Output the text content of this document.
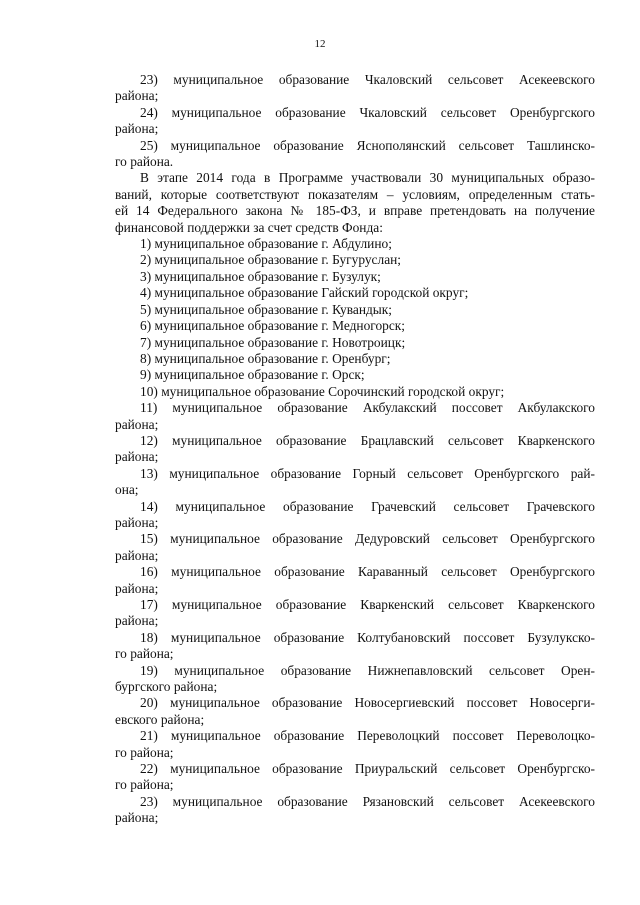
12

23) муниципальное образование Чкаловский сельсовет Асекеевского

района;

24) муниципальное образование Чкаловский сельсовет Оренбургского

района;

25) муниципальное образование Яснополянский сельсовет Ташлинско-

го района.

В этапе 2014 года в Программе участвовали 30 муниципальных образо-
ваний, которые соответствуют показателям – условиям, определенным стать-
ей 14 Федерального закона № 185-ФЗ, и вправе претендовать на получение
финансовой поддержки за счет средств Фонда:

1) муниципальное образование г. Абдулино;

2) муниципальное образование г. Бугуруслан;

3) муниципальное образование г. Бузулук;

4) муниципальное образование Гайский городской округ;

5) муниципальное образование г. Кувандык;

6) муниципальное образование г. Медногорск;

7) муниципальное образование г. Новотроицк;

8) муниципальное образование г. Оренбург;

9) муниципальное образование г. Орск;

10) муниципальное образование Сорочинский городской округ;

11) муниципальное образование Акбулакский поссовет Акбулакского

района;

12) муниципальное образование Брацлавский сельсовет Кваркенского

района;

13) муниципальное образование Горный сельсовет Оренбургского рай-

она;

14) муниципальное образование Грачевский сельсовет Грачевского

района;

15) муниципальное образование Дедуровский сельсовет Оренбургского

района;

16) муниципальное образование Караванный сельсовет Оренбургского

района;

17) муниципальное образование Кваркенский сельсовет Кваркенского

района;

18) муниципальное образование Колтубановский поссовет Бузулукско-

го района;

19) муниципальное образование Нижнепавловский сельсовет Орен-

бургского района;

20) муниципальное образование Новосергиевский поссовет Новосерги-

евского района;

21) муниципальное образование Переволоцкий поссовет Переволоцко-

го района;

22) муниципальное образование Приуральский сельсовет Оренбургско-

го района;

23) муниципальное образование Рязановский сельсовет Асекеевского

района;
